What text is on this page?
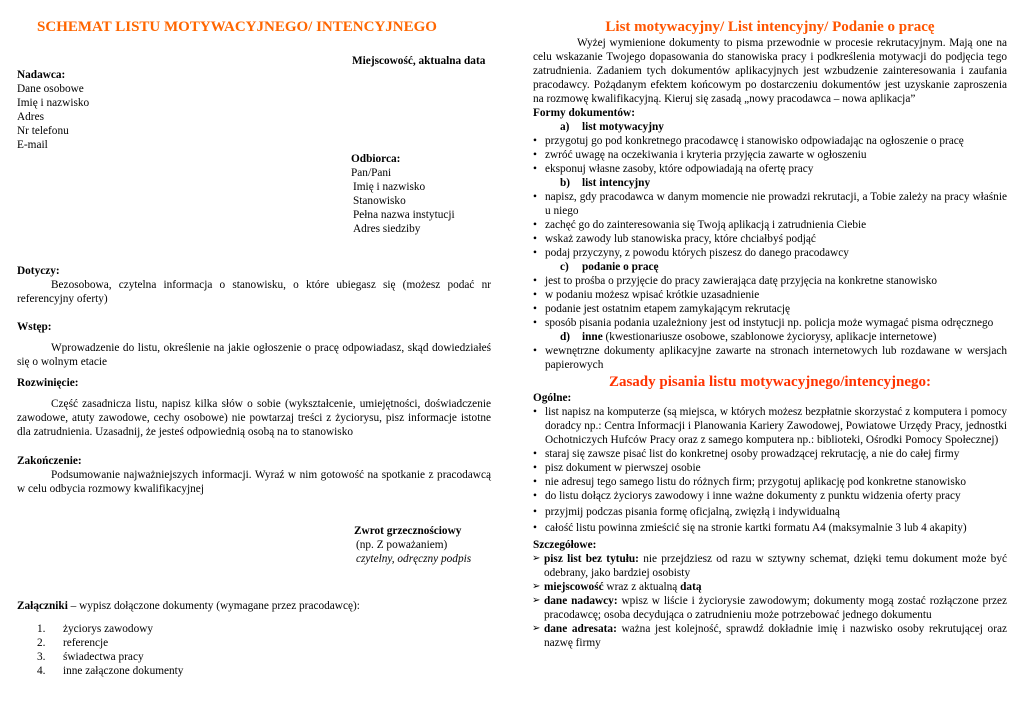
SCHEMAT LISTU MOTYWACYJNEGO/ INTENCYJNEGO
Miejscowość, aktualna data
Nadawca:
Dane osobowe
Imię i nazwisko
Adres
Nr telefonu
E-mail
Odbiorca:
Pan/Pani
Imię i nazwisko
Stanowisko
Pełna nazwa instytucji
Adres siedziby
Dotyczy:
Bezosobowa, czytelna informacja o stanowisku, o które ubiegasz się (możesz podać nr referencyjny oferty)
Wstęp:
Wprowadzenie do listu, określenie na jakie ogłoszenie o pracę odpowiadasz, skąd dowiedziałeś się o wolnym etacie
Rozwinięcie:
Część zasadnicza listu, napisz kilka słów o sobie (wykształcenie, umiejętności, doświadczenie zawodowe, atuty zawodowe, cechy osobowe) nie powtarzaj treści z życiorysu, pisz informacje istotne dla zatrudnienia. Uzasadnij, że jesteś odpowiednią osobą na to stanowisko
Zakończenie:
Podsumowanie najważniejszych informacji. Wyraź w nim gotowość na spotkanie z pracodawcą w celu odbycia rozmowy kwalifikacyjnej
Zwrot grzecznościowy
(np. Z poważaniem)
czytelny, odręczny podpis
Załączniki – wypisz dołączone dokumenty (wymagane przez pracodawcę):
1. życiorys zawodowy
2. referencje
3. świadectwa pracy
4. inne załączone dokumenty
List motywacyjny/ List intencyjny/ Podanie o pracę
Wyżej wymienione dokumenty to pisma przewodnie w procesie rekrutacyjnym. Mają one na celu wskazanie Twojego dopasowania do stanowiska pracy i podkreślenia motywacji do podjęcia tego zatrudnienia. Zadaniem tych dokumentów aplikacyjnych jest wzbudzenie zainteresowania i zaufania pracodawcy. Pożądanym efektem końcowym po dostarczeniu dokumentów jest uzyskanie zaproszenia na rozmowę kwalifikacyjną. Kieruj się zasadą „nowy pracodawca – nowa aplikacja”
Formy dokumentów:
a) list motywacyjny
• przygotuj go pod konkretnego pracodawcę i stanowisko odpowiadając na ogłoszenie o pracę
• zwróć uwagę na oczekiwania i kryteria przyjęcia zawarte w ogłoszeniu
• eksponuj własne zasoby, które odpowiadają na ofertę pracy
b) list intencyjny
• napisz, gdy pracodawca w danym momencie nie prowadzi rekrutacji, a Tobie zależy na pracy właśnie u niego
• zachęć go do zainteresowania się Twoją aplikacją i zatrudnienia Ciebie
• wskaż zawody lub stanowiska pracy, które chciałbyś podjąć
• podaj przyczyny, z powodu których piszesz do danego pracodawcy
c) podanie o pracę
• jest to prośba o przyjęcie do pracy zawierająca datę przyjęcia na konkretne stanowisko
• w podaniu możesz wpisać krótkie uzasadnienie
• podanie jest ostatnim etapem zamykającym rekrutację
• sposób pisania podania uzależniony jest od instytucji np. policja może wymagać pisma odręcznego
d) inne (kwestionariusze osobowe, szablonowe życiorysy, aplikacje internetowe)
• wewnętrzne dokumenty aplikacyjne zawarte na stronach internetowych lub rozdawane w wersjach papierowych
Zasady pisania listu motywacyjnego/intencyjnego:
Ogólne:
• list napisz na komputerze (są miejsca, w których możesz bezpłatnie skorzystać z komputera i pomocy doradcy np.: Centra Informacji i Planowania Kariery Zawodowej, Powiatowe Urzędy Pracy, jednostki Ochotniczych Hufców Pracy oraz z samego komputera np.: biblioteki, Ośrodki Pomocy Społecznej)
• staraj się zawsze pisać list do konkretnej osoby prowadzącej rekrutację, a nie do całej firmy
• pisz dokument w pierwszej osobie
• nie adresuj tego samego listu do różnych firm; przygotuj aplikację pod konkretne stanowisko
• do listu dołącz życiorys zawodowy i inne ważne dokumenty z punktu widzenia oferty pracy
• przyjmij podczas pisania formę oficjalną, zwięzłą i indywidualną
• całość listu powinna zmieścić się na stronie kartki formatu A4 (maksymalnie 3 lub 4 akapity)
Szczegółowe:
➢ pisz list bez tytułu: nie przejdziesz od razu w sztywny schemat, dzięki temu dokument może być odebrany, jako bardziej osobisty
➢ miejscowość wraz z aktualną datą
➢ dane nadawcy: wpisz w liście i życiorysie zawodowym; dokumenty mogą zostać rozłączone przez pracodawcę; osoba decydująca o zatrudnieniu może potrzebować jednego dokumentu
➢ dane adresata: ważna jest kolejność, sprawdź dokładnie imię i nazwisko osoby rekrutującej oraz nazwę firmy
